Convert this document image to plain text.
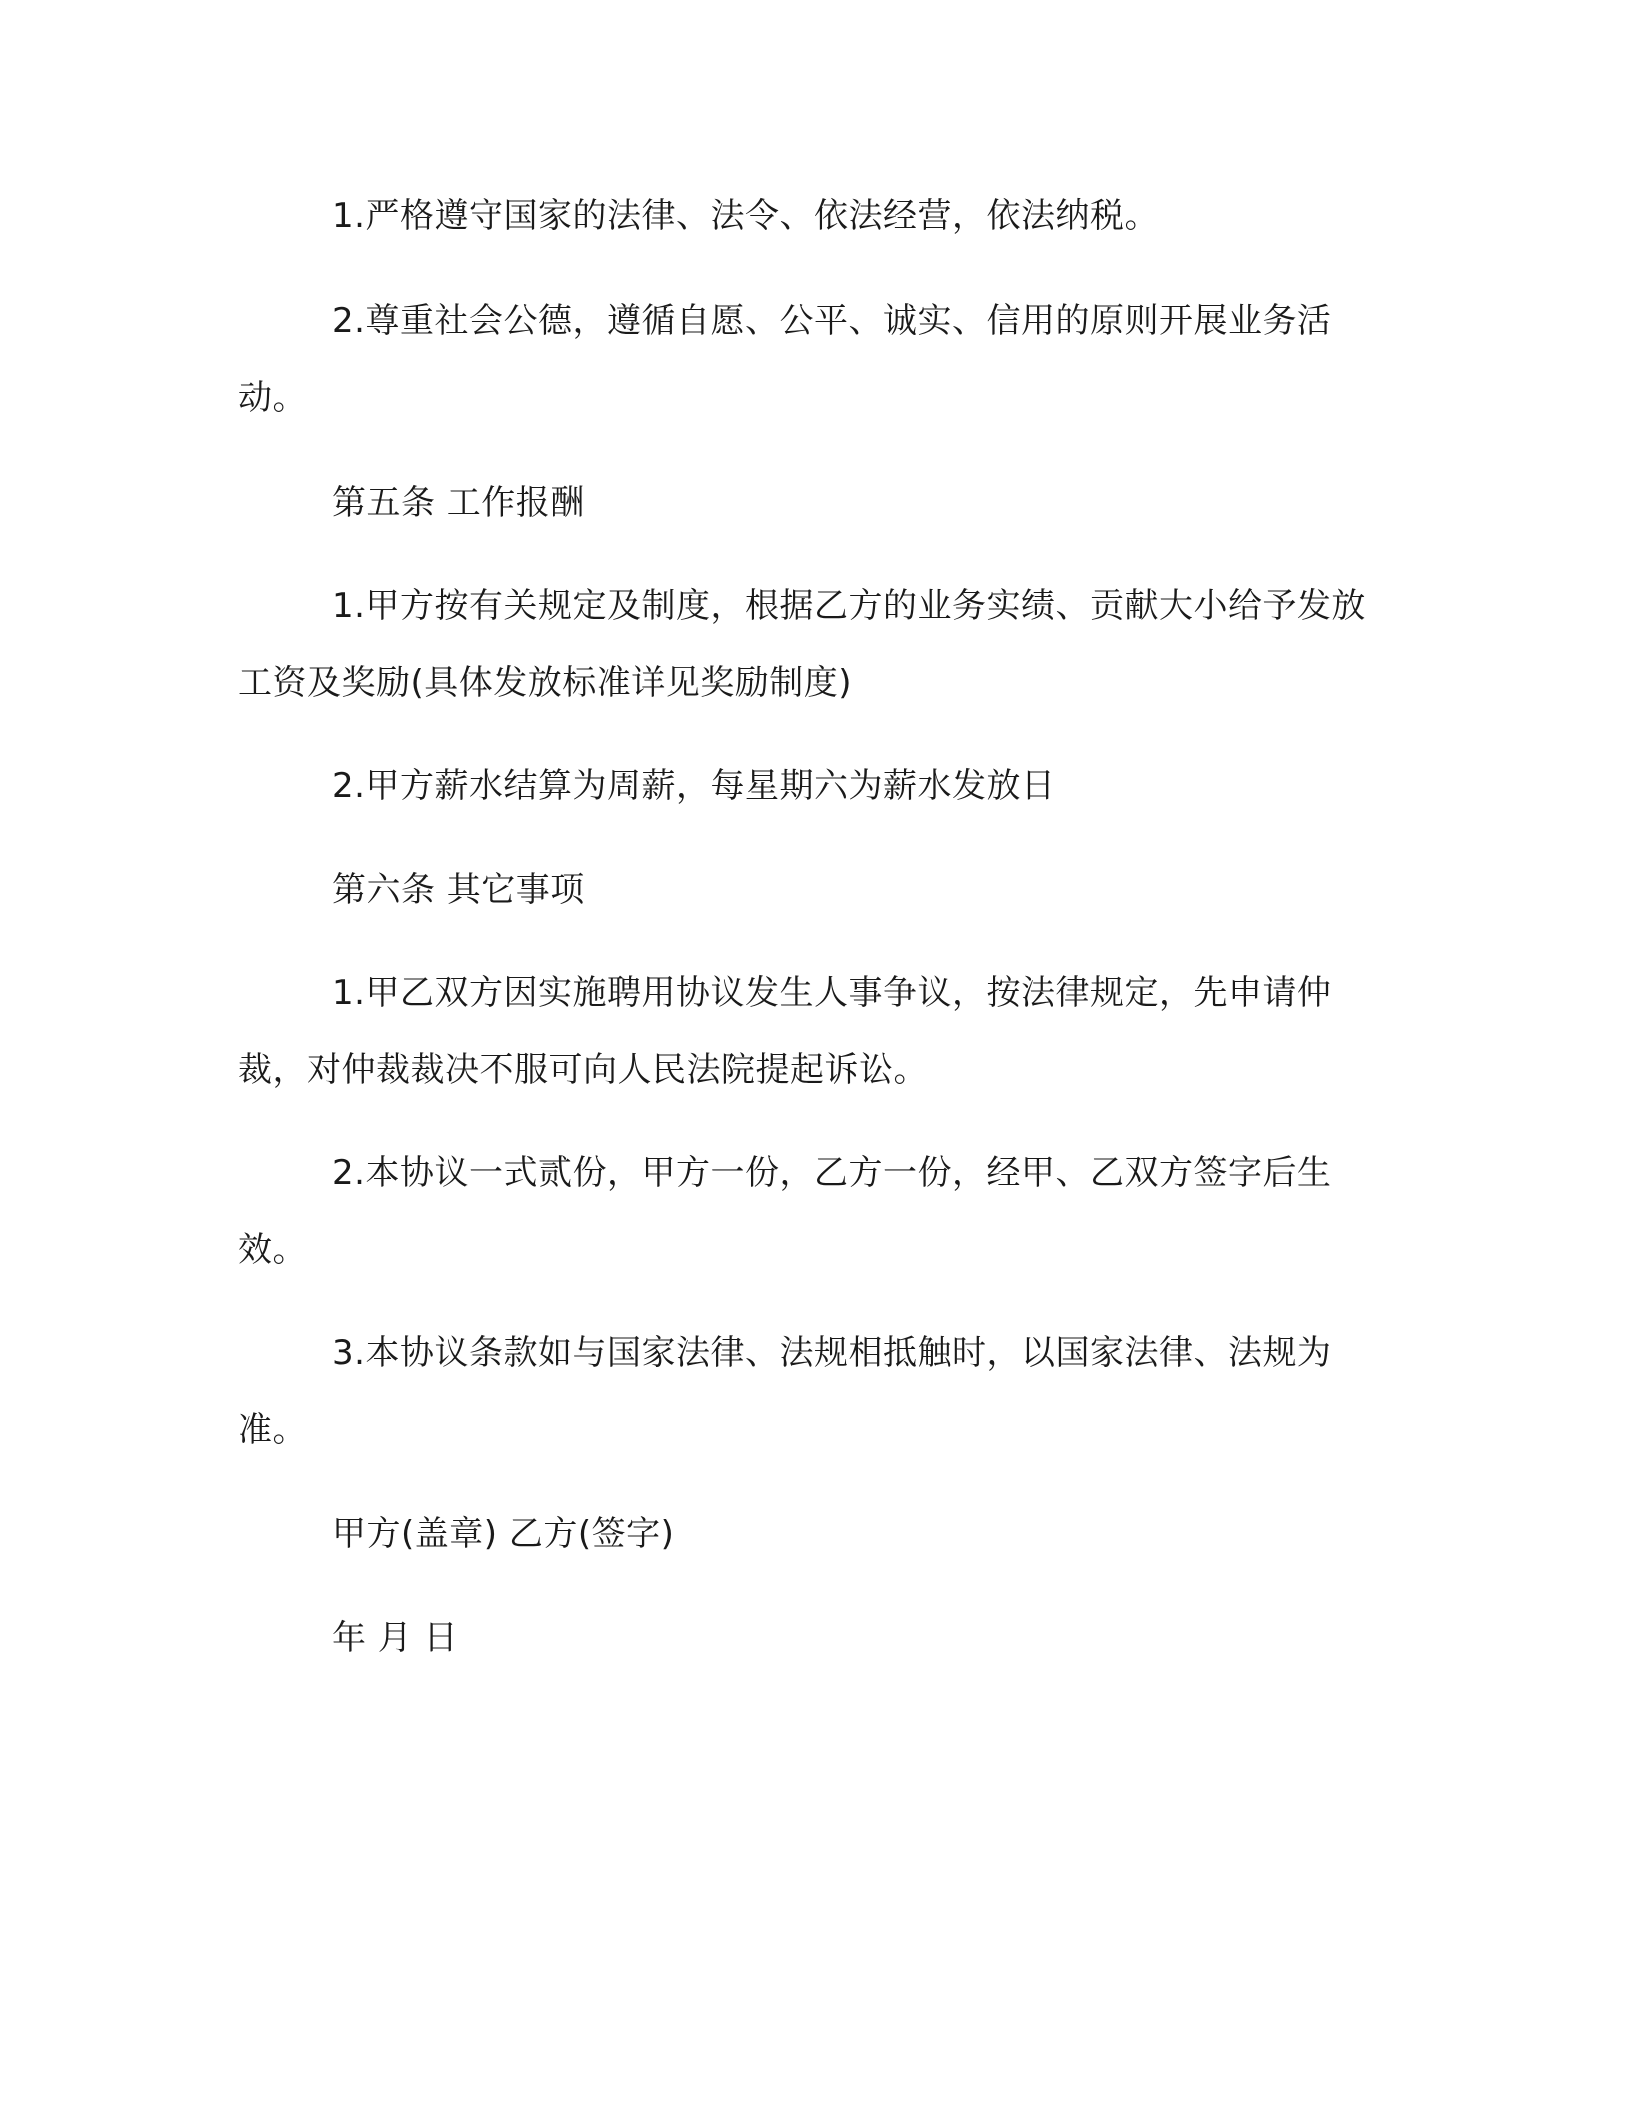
1.严格遵守国家的法律、法令、依法经营，依法纳税。

2.尊重社会公德，遵循自愿、公平、诚实、信用的原则开展业务活动。

第五条 工作报酬

1.甲方按有关规定及制度，根据乙方的业务实绩、贡献大小给予发放工资及奖励(具体发放标准详见奖励制度)

2.甲方薪水结算为周薪，每星期六为薪水发放日

第六条 其它事项

1.甲乙双方因实施聘用协议发生人事争议，按法律规定，先申请仲裁，对仲裁裁决不服可向人民法院提起诉讼。

2.本协议一式贰份，甲方一份，乙方一份，经甲、乙双方签字后生效。

3.本协议条款如与国家法律、法规相抵触时，以国家法律、法规为准。

甲方(盖章) 乙方(签字)

年 月 日
